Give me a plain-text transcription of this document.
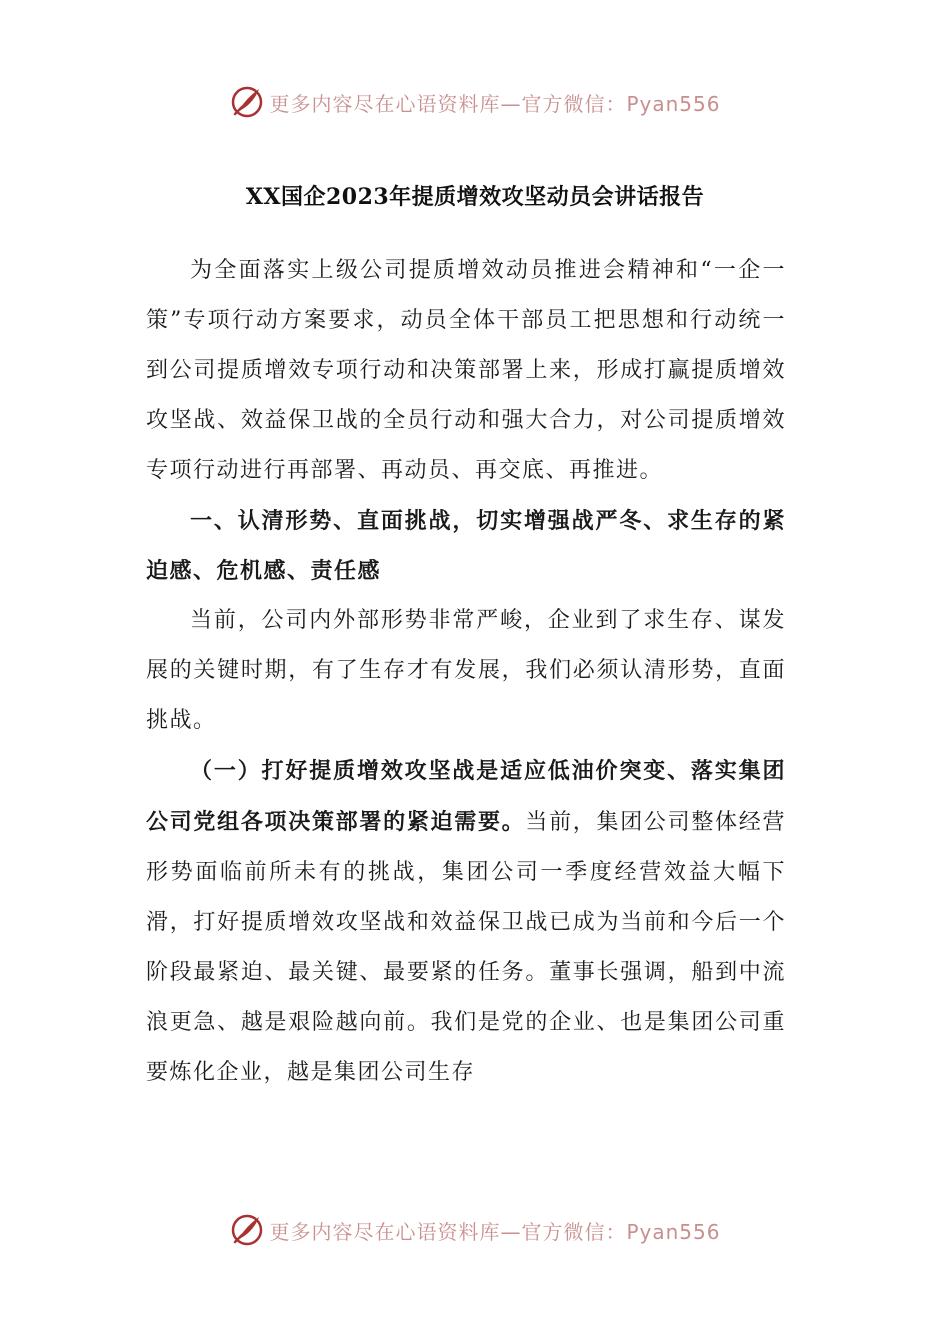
更多内容尽在心语资料库—官方微信：Pyan556
XX国企2023年提质增效攻坚动员会讲话报告

为全面落实上级公司提质增效动员推进会精神和“一企一策”专项行动方案要求，动员全体干部员工把思想和行动统一到公司提质增效专项行动和决策部署上来，形成打赢提质增效攻坚战、效益保卫战的全员行动和强大合力，对公司提质增效专项行动进行再部署、再动员、再交底、再推进。

一、认清形势、直面挑战，切实增强战严冬、求生存的紧迫感、危机感、责任感

当前，公司内外部形势非常严峻，企业到了求生存、谋发展的关键时期，有了生存才有发展，我们必须认清形势，直面挑战。

（一）打好提质增效攻坚战是适应低油价突变、落实集团公司党组各项决策部署的紧迫需要。当前，集团公司整体经营形势面临前所未有的挑战，集团公司一季度经营效益大幅下滑，打好提质增效攻坚战和效益保卫战已成为当前和今后一个阶段最紧迫、最关键、最要紧的任务。董事长强调，船到中流浪更急、越是艰险越向前。我们是党的企业、也是集团公司重要炼化企业，越是集团公司生存

更多内容尽在心语资料库—官方微信：Pyan556
